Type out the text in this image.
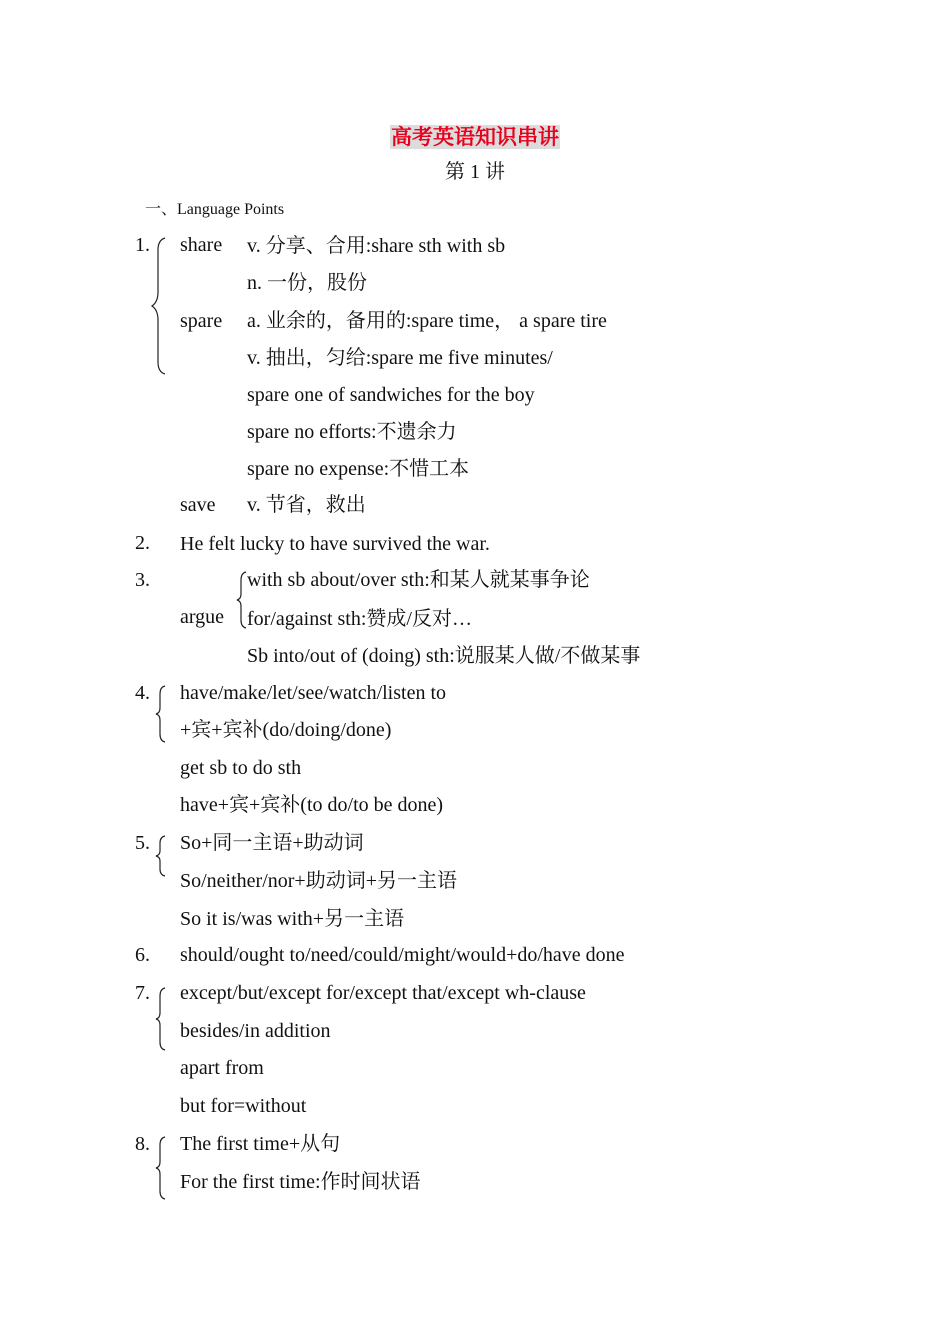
高考英语知识串讲
第 1 讲
一、Language Points
1. share v. 分享、合用:share sth with sb
n. 一份，股份
spare a. 业余的，备用的:spare time， a spare tire
v. 抽出，匀给:spare me five minutes/
spare one of sandwiches for the boy
spare no efforts:不遗余力
spare no expense:不惜工本
save v. 节省，救出
2. He felt lucky to have survived the war.
3.
argue
with sb about/over sth:和某人就某事争论
for/against sth:赞成/反对…
Sb into/out of (doing) sth:说服某人做/不做某事
4. have/make/let/see/watch/listen to
+宾+宾补(do/doing/done)
get sb to do sth
have+宾+宾补(to do/to be done)
5. So+同一主语+助动词
So/neither/nor+助动词+另一主语
So it is/was with+另一主语
6. should/ought to/need/could/might/would+do/have done
7. except/but/except for/except that/except wh-clause
besides/in addition
apart from
but for=without
8. The first time+从句
For the first time:作时间状语
